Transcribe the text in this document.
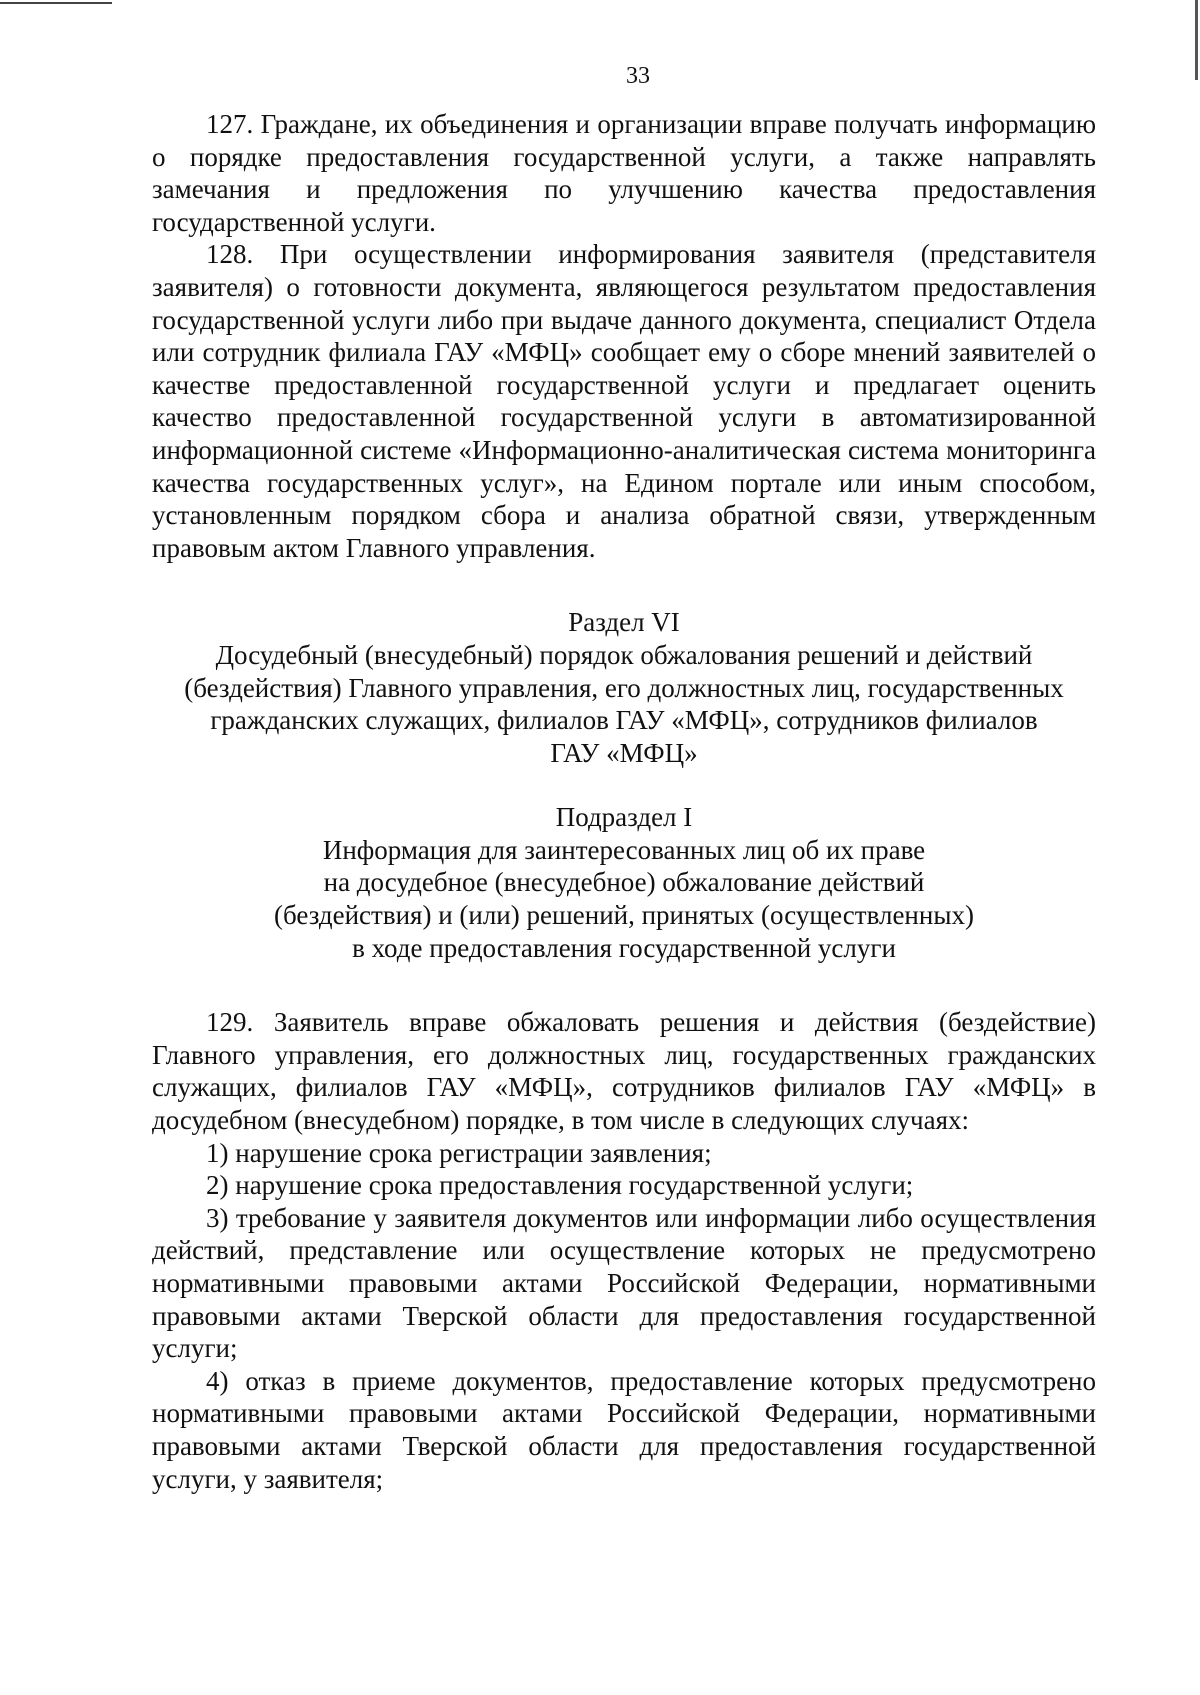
33

127. Граждане, их объединения и организации вправе получать информацию о порядке предоставления государственной услуги, а также направлять замечания и предложения по улучшению качества предоставления государственной услуги.

128. При осуществлении информирования заявителя (представителя заявителя) о готовности документа, являющегося результатом предоставления государственной услуги либо при выдаче данного документа, специалист Отдела или сотрудник филиала ГАУ «МФЦ» сообщает ему о сборе мнений заявителей о качестве предоставленной государственной услуги и предлагает оценить качество предоставленной государственной услуги в автоматизированной информационной системе «Информационно-аналитическая система мониторинга качества государственных услуг», на Едином портале или иным способом, установленным порядком сбора и анализа обратной связи, утвержденным правовым актом Главного управления.

Раздел VI

Досудебный (внесудебный) порядок обжалования решений и действий
(бездействия) Главного управления, его должностных лиц, государственных
гражданских служащих, филиалов ГАУ «МФЦ», сотрудников филиалов
ГАУ «МФЦ»

Подраздел I

Информация для заинтересованных лиц об их праве
на досудебное (внесудебное) обжалование действий
(бездействия) и (или) решений, принятых (осуществленных)
в ходе предоставления государственной услуги

129. Заявитель вправе обжаловать решения и действия (бездействие) Главного управления, его должностных лиц, государственных гражданских служащих, филиалов ГАУ «МФЦ», сотрудников филиалов ГАУ «МФЦ» в досудебном (внесудебном) порядке, в том числе в следующих случаях:

1) нарушение срока регистрации заявления;

2) нарушение срока предоставления государственной услуги;

3) требование у заявителя документов или информации либо осуществления действий, представление или осуществление которых не предусмотрено нормативными правовыми актами Российской Федерации, нормативными правовыми актами Тверской области для предоставления государственной услуги;

4) отказ в приеме документов, предоставление которых предусмотрено нормативными правовыми актами Российской Федерации, нормативными правовыми актами Тверской области для предоставления государственной услуги, у заявителя;
